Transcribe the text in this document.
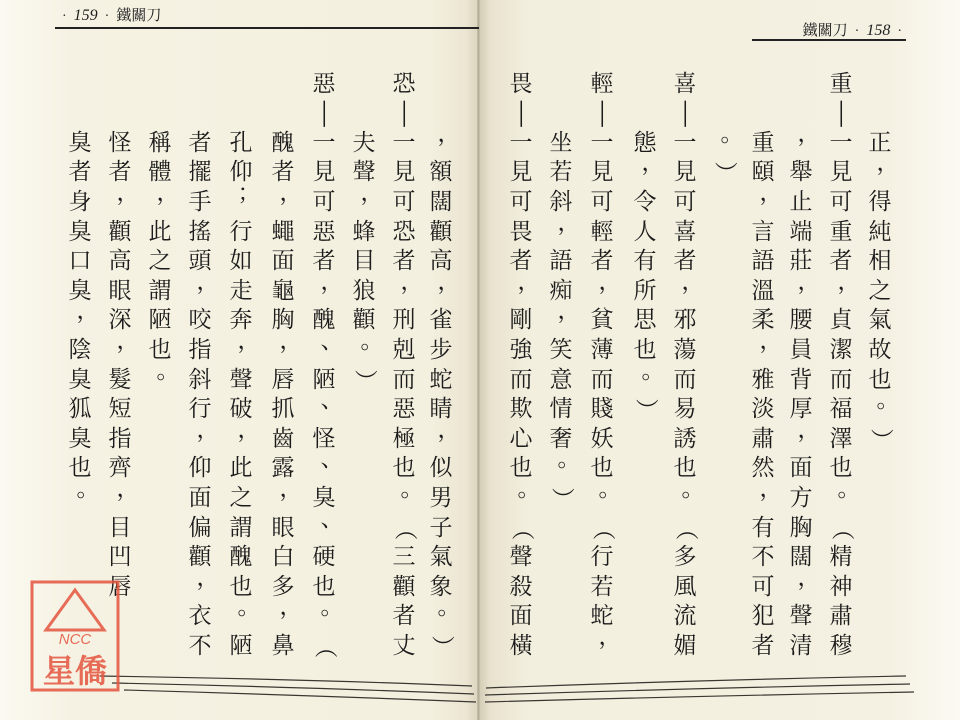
· 159 · 鐵關刀
鐵關刀 · 158 ·
正
，
得
純
相
之
氣
故
也
。
）
重
—
一
見
可
重
者
，
貞
潔
而
福
澤
也
。
（
精
神
肅
穆
，
舉
止
端
莊
，
腰
員
背
厚
，
面
方
胸
闊
，
聲
清
重
頤
，
言
語
溫
柔
，
雅
淡
肅
然
，
有
不
可
犯
者
。
）
喜
—
一
見
可
喜
者
，
邪
蕩
而
易
誘
也
。
（
多
風
流
媚
態
，
令
人
有
所
思
也
。
）
輕
—
一
見
可
輕
者
，
貧
薄
而
賤
妖
也
。
（
行
若
蛇
，
坐
若
斜
，
語
痴
，
笑
意
情
奢
。
）
畏
—
一
見
可
畏
者
，
剛
強
而
欺
心
也
。
（
聲
殺
面
橫
，
額
闊
顴
高
，
雀
步
蛇
睛
，
似
男
子
氣
象
。
）
恐
—
一
見
可
恐
者
，
刑
剋
而
惡
極
也
。
（
三
顴
者
丈
夫
聲
，
蜂
目
狼
顴
。
）
惡
—
一
見
可
惡
者
，
醜
、
陋
、
怪
、
臭
、
硬
也
。
（
醜
者
，
蠅
面
龜
胸
，
唇
抓
齒
露
，
眼
白
多
，
鼻
孔
仰
；
行
如
走
奔
，
聲
破
，
此
之
謂
醜
也
。
陋
者
擺
手
搖
頭
，
咬
指
斜
行
，
仰
面
偏
顴
，
衣
不
稱
體
，
此
之
謂
陋
也
。
怪
者
，
顴
高
眼
深
，
髮
短
指
齊
，
目
凹
唇
臭
者
身
臭
口
臭
，
陰
臭
狐
臭
也
。
NCC
星僑
